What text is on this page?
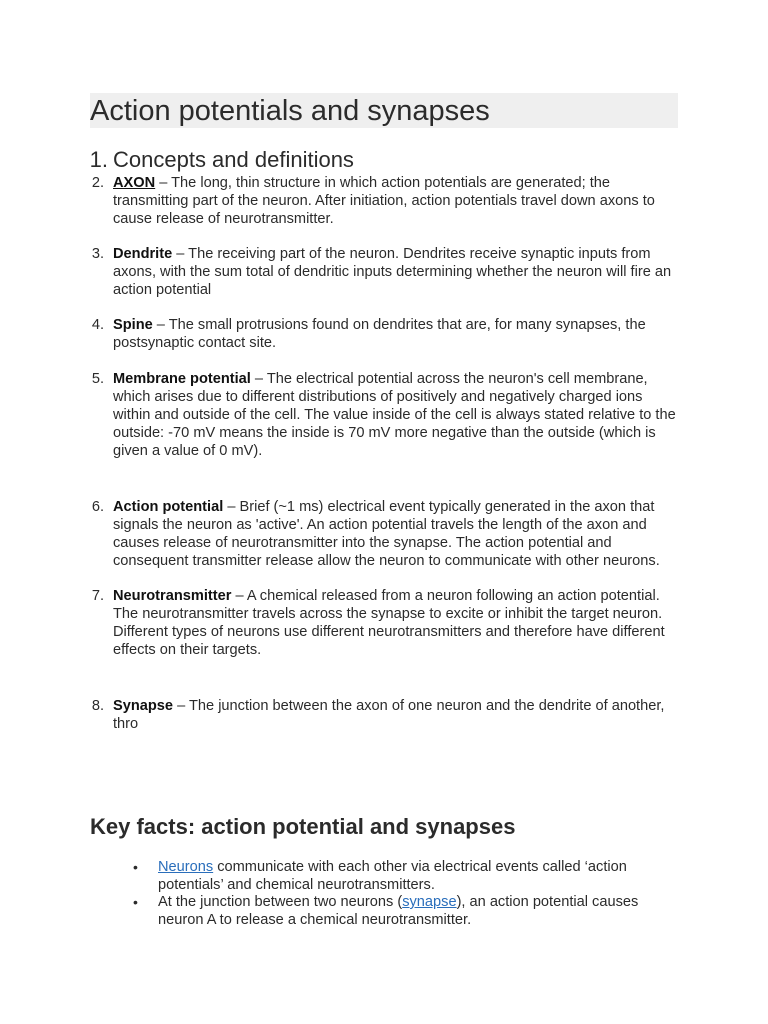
Action potentials and synapses
1. Concepts and definitions
2. AXON – The long, thin structure in which action potentials are generated; the transmitting part of the neuron. After initiation, action potentials travel down axons to cause release of neurotransmitter.

3. Dendrite – The receiving part of the neuron. Dendrites receive synaptic inputs from axons, with the sum total of dendritic inputs determining whether the neuron will fire an action potential

4. Spine – The small protrusions found on dendrites that are, for many synapses, the postsynaptic contact site.

5. Membrane potential – The electrical potential across the neuron's cell membrane, which arises due to different distributions of positively and negatively charged ions within and outside of the cell. The value inside of the cell is always stated relative to the outside: -70 mV means the inside is 70 mV more negative than the outside (which is given a value of 0 mV).

6. Action potential – Brief (~1 ms) electrical event typically generated in the axon that signals the neuron as 'active'. An action potential travels the length of the axon and causes release of neurotransmitter into the synapse. The action potential and consequent transmitter release allow the neuron to communicate with other neurons.

7. Neurotransmitter – A chemical released from a neuron following an action potential. The neurotransmitter travels across the synapse to excite or inhibit the target neuron. Different types of neurons use different neurotransmitters and therefore have different effects on their targets.

8. Synapse – The junction between the axon of one neuron and the dendrite of another, thro

Key facts: action potential and synapses
• Neurons communicate with each other via electrical events called ‘action potentials’ and chemical neurotransmitters.

• At the junction between two neurons (synapse), an action potential causes neuron A to release a chemical neurotransmitter.
